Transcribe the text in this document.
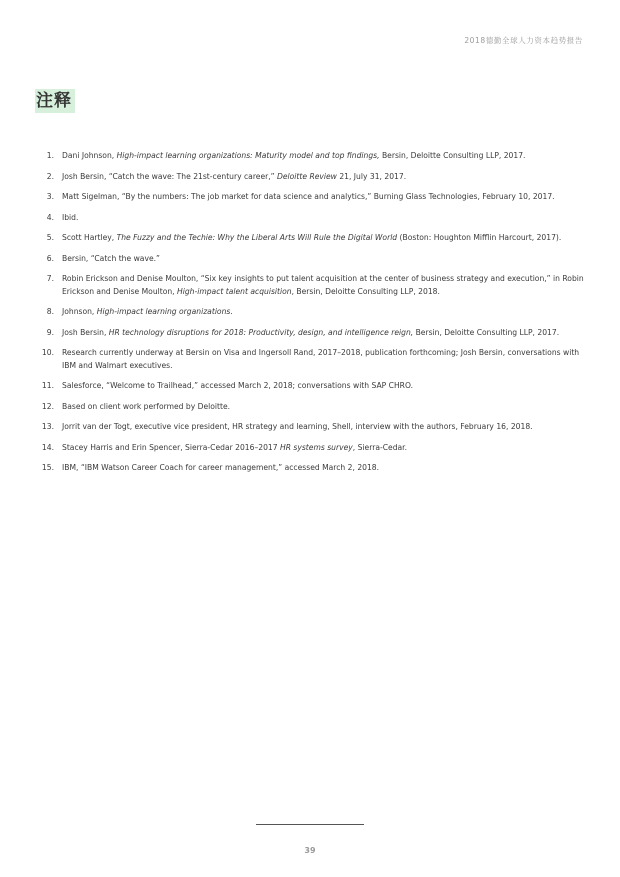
2018德勤全球人力资本趋势报告
注释
1.	Dani Johnson, High-impact learning organizations: Maturity model and top findings, Bersin, Deloitte Consulting LLP, 2017.
2.	Josh Bersin, “Catch the wave: The 21st-century career,” Deloitte Review 21, July 31, 2017.
3.	Matt Sigelman, “By the numbers: The job market for data science and analytics,” Burning Glass Technologies, February 10, 2017.
4.	Ibid.
5.	Scott Hartley, The Fuzzy and the Techie: Why the Liberal Arts Will Rule the Digital World (Boston: Houghton Mifflin Harcourt, 2017).
6.	Bersin, “Catch the wave.”
7.	Robin Erickson and Denise Moulton, “Six key insights to put talent acquisition at the center of business strategy and execution,” in Robin Erickson and Denise Moulton, High-impact talent acquisition, Bersin, Deloitte Consulting LLP, 2018.
8.	Johnson, High-impact learning organizations.
9.	Josh Bersin, HR technology disruptions for 2018: Productivity, design, and intelligence reign, Bersin, Deloitte Consulting LLP, 2017.
10.	Research currently underway at Bersin on Visa and Ingersoll Rand, 2017–2018, publication forthcoming; Josh Bersin, conversations with IBM and Walmart executives.
11.	Salesforce, “Welcome to Trailhead,” accessed March 2, 2018; conversations with SAP CHRO.
12.	Based on client work performed by Deloitte.
13.	Jorrit van der Togt, executive vice president, HR strategy and learning, Shell, interview with the authors, February 16, 2018.
14.	Stacey Harris and Erin Spencer, Sierra-Cedar 2016–2017 HR systems survey, Sierra-Cedar.
15.	IBM, “IBM Watson Career Coach for career management,” accessed March 2, 2018.
39
